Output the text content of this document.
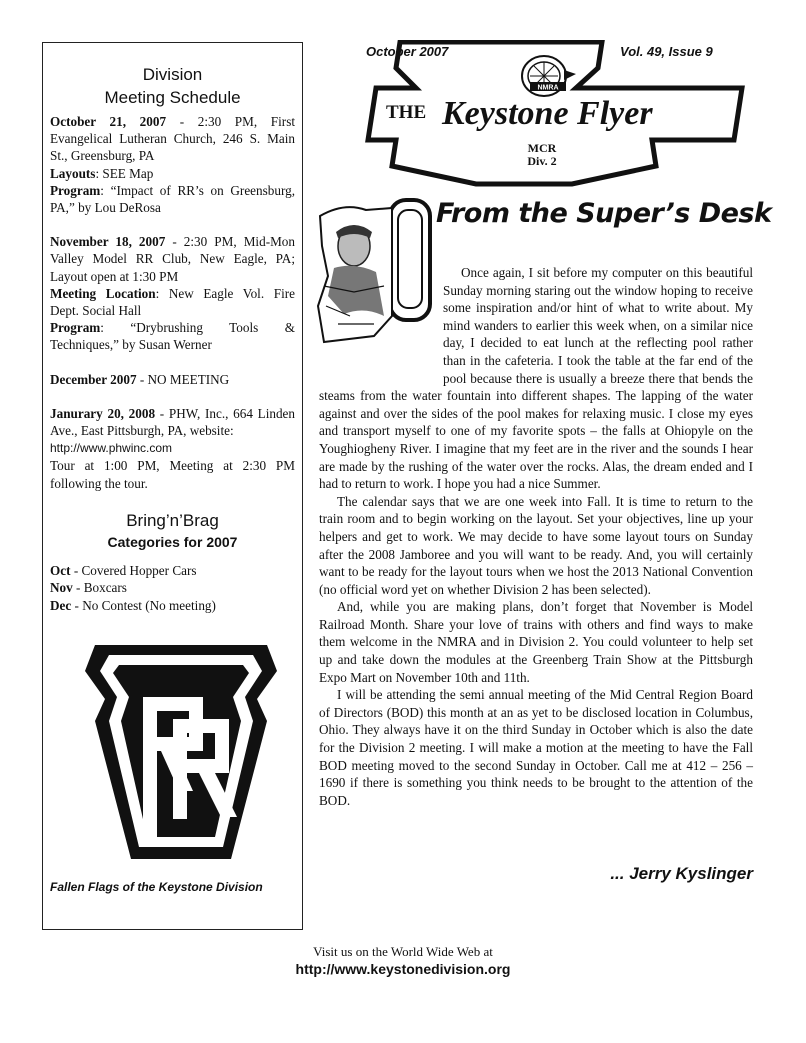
Division

Meeting Schedule

October 21, 2007 - 2:30 PM, First Evangelical Lutheran Church, 246 S. Main St., Greensburg, PA
Layouts: SEE Map
Program: “Impact of RR’s on Greensburg, PA,” by Lou DeRosa
November 18, 2007 - 2:30 PM, Mid-Mon Valley Model RR Club, New Eagle, PA; Layout open at 1:30 PM
Meeting Location: New Eagle Vol. Fire Dept. Social Hall
Program: “Drybrushing Tools & Techniques,” by Susan Werner
December 2007 - NO MEETING
Janurary 20, 2008 - PHW, Inc., 664 Linden Ave., East Pittsburgh, PA, website:
http://www.phwinc.com
Tour at 1:00 PM, Meeting at 2:30 PM following the tour.

Bring’n’Brag

Categories for 2007

Oct - Covered Hopper Cars
Nov - Boxcars
Dec - No Contest (No meeting)
Fallen Flags of the Keystone Division
October 2007	Vol. 49, Issue 9
NMRA
THE Keystone Flyer
MCR
Div. 2
From the Super’s Desk

Once again, I sit before my computer on this beautiful Sunday morning staring out the window hoping to receive some inspiration and/or hint of what to write about. My mind wanders to earlier this week when, on a similar nice day, I decided to eat lunch at the reflecting pool rather than in the cafeteria. I took the table at the far end of the pool because there is usually a breeze there that bends the steams from the water fountain into different shapes. The lapping of the water against and over the sides of the pool makes for relaxing music. I close my eyes and transport myself to one of my favorite spots – the falls at Ohiopyle on the Youghiogheny River. I imagine that my feet are in the river and the sounds I hear are made by the rushing of the water over the rocks. Alas, the dream ended and I had to return to work. I hope you had a nice Summer.

The calendar says that we are one week into Fall. It is time to return to the train room and to begin working on the layout. Set your objectives, line up your helpers and get to work. We may decide to have some layout tours on Sunday after the 2008 Jamboree and you will want to be ready. And, you will certainly want to be ready for the layout tours when we host the 2013 National Convention (no official word yet on whether Division 2 has been selected).

And, while you are making plans, don’t forget that November is Model Railroad Month. Share your love of trains with others and find ways to make them welcome in the NMRA and in Division 2. You could volunteer to help set up and take down the modules at the Greenberg Train Show at the Pittsburgh Expo Mart on November 10th and 11th.

I will be attending the semi annual meeting of the Mid Central Region Board of Directors (BOD) this month at an as yet to be disclosed location in Columbus, Ohio. They always have it on the third Sunday in October which is also the date for the Division 2 meeting. I will make a motion at the meeting to have the Fall BOD meeting moved to the second Sunday in October. Call me at 412 – 256 – 1690 if there is something you think needs to be brought to the attention of the BOD.

... Jerry Kyslinger
Visit us on the World Wide Web at
http://www.keystonedivision.org
